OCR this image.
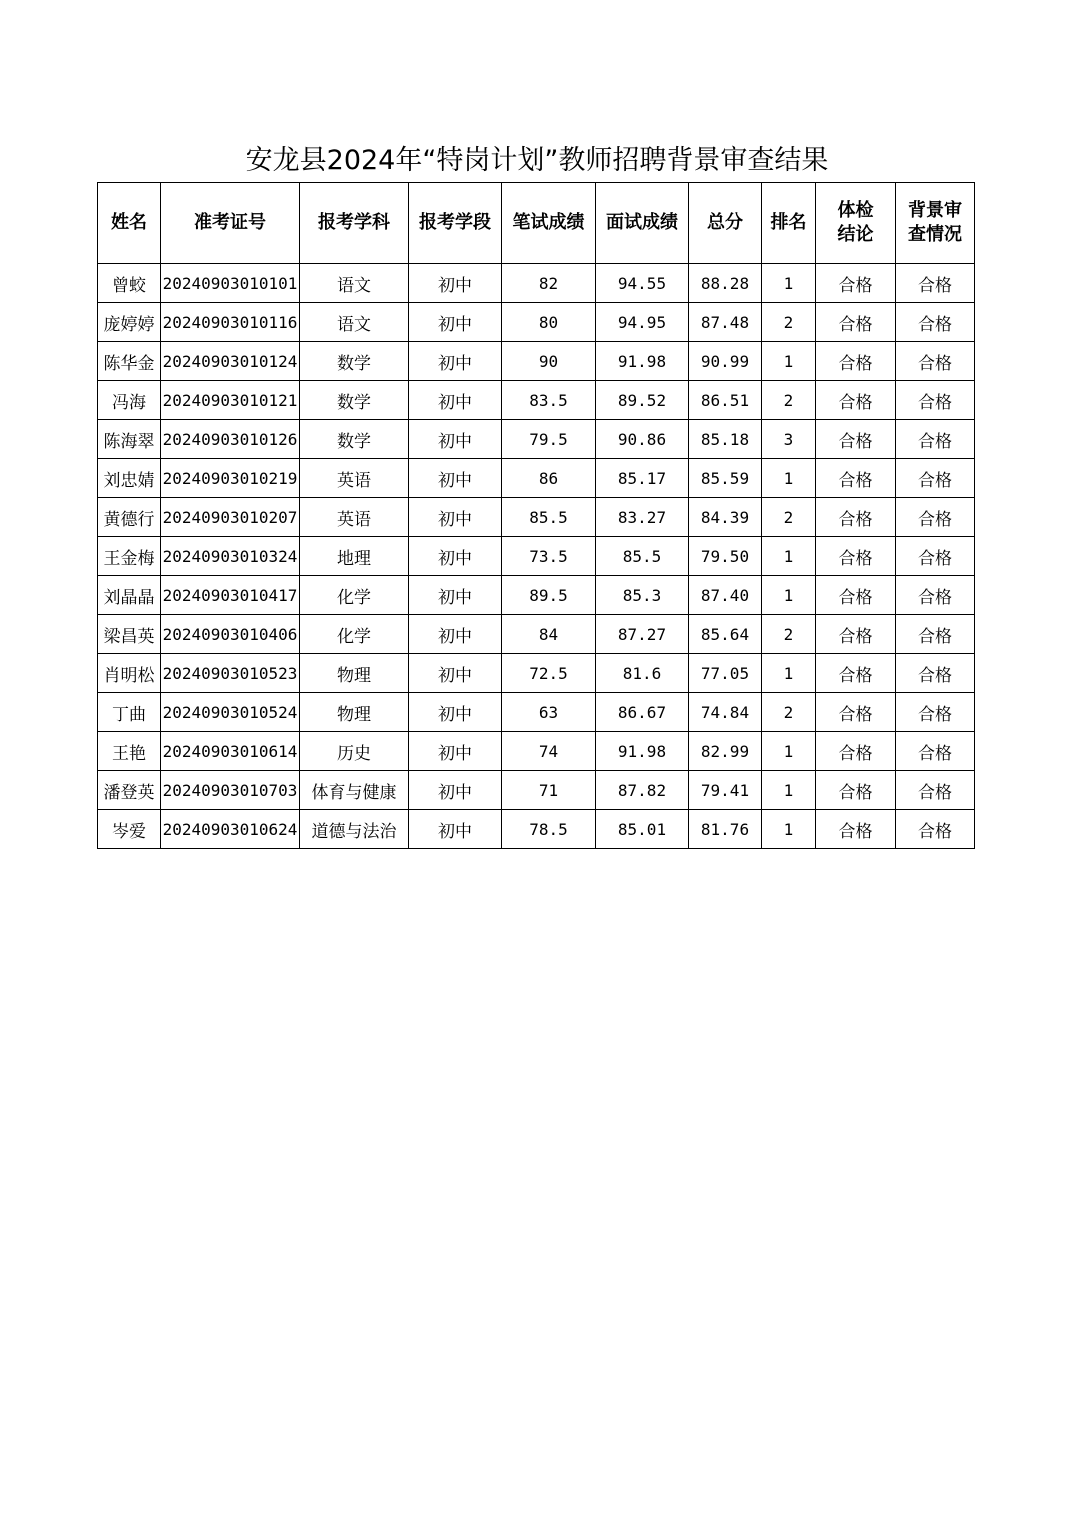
安龙县2024年“特岗计划”教师招聘背景审查结果
姓名	准考证号	报考学科	报考学段	笔试成绩	面试成绩	总分	排名	体检结论	背景审查情况
曾蛟	20240903010101	语文	初中	82	94.55	88.28	1	合格	合格
庞婷婷	20240903010116	语文	初中	80	94.95	87.48	2	合格	合格
陈华金	20240903010124	数学	初中	90	91.98	90.99	1	合格	合格
冯海	20240903010121	数学	初中	83.5	89.52	86.51	2	合格	合格
陈海翠	20240903010126	数学	初中	79.5	90.86	85.18	3	合格	合格
刘忠婧	20240903010219	英语	初中	86	85.17	85.59	1	合格	合格
黄德行	20240903010207	英语	初中	85.5	83.27	84.39	2	合格	合格
王金梅	20240903010324	地理	初中	73.5	85.5	79.50	1	合格	合格
刘晶晶	20240903010417	化学	初中	89.5	85.3	87.40	1	合格	合格
梁昌英	20240903010406	化学	初中	84	87.27	85.64	2	合格	合格
肖明松	20240903010523	物理	初中	72.5	81.6	77.05	1	合格	合格
丁曲	20240903010524	物理	初中	63	86.67	74.84	2	合格	合格
王艳	20240903010614	历史	初中	74	91.98	82.99	1	合格	合格
潘登英	20240903010703	体育与健康	初中	71	87.82	79.41	1	合格	合格
岑爱	20240903010624	道德与法治	初中	78.5	85.01	81.76	1	合格	合格
